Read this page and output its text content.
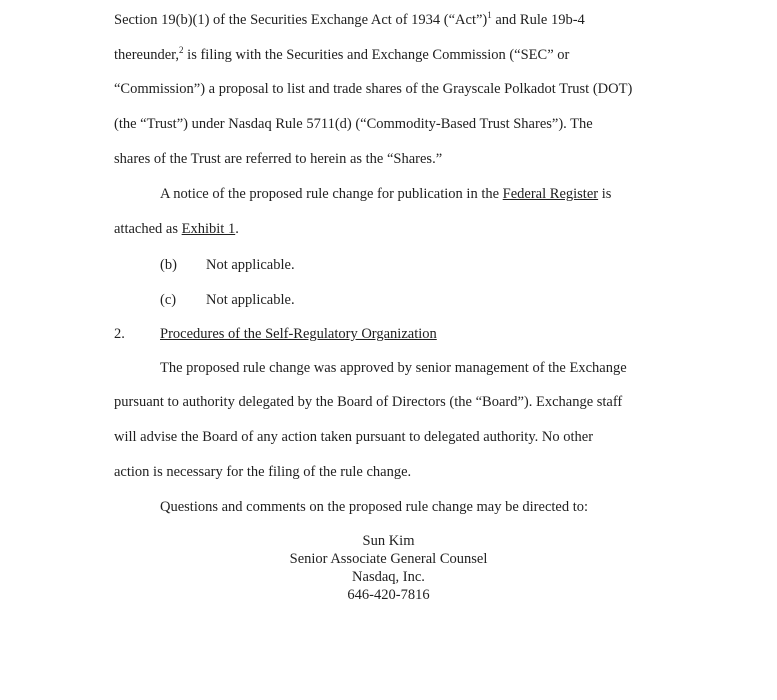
Section 19(b)(1) of the Securities Exchange Act of 1934 (“Act”)$^1$ and Rule 19b-4
thereunder,$^2$ is filing with the Securities and Exchange Commission (“SEC” or
“Commission”) a proposal to list and trade shares of the Grayscale Polkadot Trust (DOT)
(the “Trust”) under Nasdaq Rule 5711(d) (“Commodity-Based Trust Shares”). The
shares of the Trust are referred to herein as the “Shares.”
A notice of the proposed rule change for publication in the Federal Register is
attached as Exhibit 1.
(b) Not applicable.
(c) Not applicable.
2. Procedures of the Self-Regulatory Organization
The proposed rule change was approved by senior management of the Exchange
pursuant to authority delegated by the Board of Directors (the “Board”). Exchange staff
will advise the Board of any action taken pursuant to delegated authority. No other
action is necessary for the filing of the rule change.
Questions and comments on the proposed rule change may be directed to:
Sun Kim
Senior Associate General Counsel
Nasdaq, Inc.
646-420-7816
